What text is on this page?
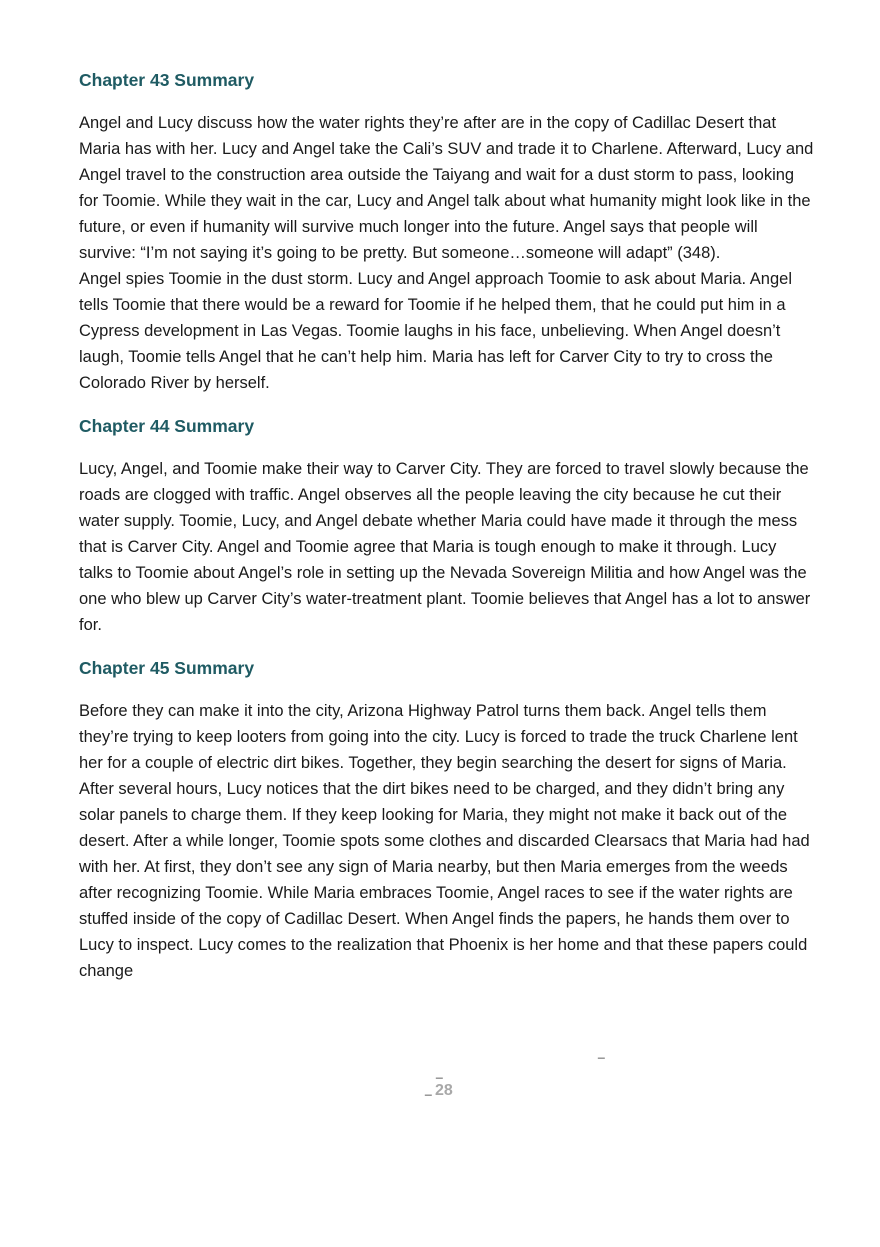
Chapter 43 Summary

Angel and Lucy discuss how the water rights they’re after are in the copy of Cadillac Desert that Maria has with her. Lucy and Angel take the Cali’s SUV and trade it to Charlene. Afterward, Lucy and Angel travel to the construction area outside the Taiyang and wait for a dust storm to pass, looking for Toomie. While they wait in the car, Lucy and Angel talk about what humanity might look like in the future, or even if humanity will survive much longer into the future. Angel says that people will survive: “I’m not saying it’s going to be pretty. But someone…someone will adapt” (348).

Angel spies Toomie in the dust storm. Lucy and Angel approach Toomie to ask about Maria. Angel tells Toomie that there would be a reward for Toomie if he helped them, that he could put him in a Cypress development in Las Vegas. Toomie laughs in his face, unbelieving. When Angel doesn’t laugh, Toomie tells Angel that he can’t help him. Maria has left for Carver City to try to cross the Colorado River by herself.

Chapter 44 Summary

Lucy, Angel, and Toomie make their way to Carver City. They are forced to travel slowly because the roads are clogged with traffic. Angel observes all the people leaving the city because he cut their water supply. Toomie, Lucy, and Angel debate whether Maria could have made it through the mess that is Carver City. Angel and Toomie agree that Maria is tough enough to make it through. Lucy talks to Toomie about Angel’s role in setting up the Nevada Sovereign Militia and how Angel was the one who blew up Carver City’s water-treatment plant. Toomie believes that Angel has a lot to answer for.

Chapter 45 Summary

Before they can make it into the city, Arizona Highway Patrol turns them back. Angel tells them they’re trying to keep looters from going into the city. Lucy is forced to trade the truck Charlene lent her for a couple of electric dirt bikes. Together, they begin searching the desert for signs of Maria. After several hours, Lucy notices that the dirt bikes need to be charged, and they didn’t bring any solar panels to charge them. If they keep looking for Maria, they might not make it back out of the desert. After a while longer, Toomie spots some clothes and discarded Clearsacs that Maria had had with her. At first, they don’t see any sign of Maria nearby, but then Maria emerges from the weeds after recognizing Toomie. While Maria embraces Toomie, Angel races to see if the water rights are stuffed inside of the copy of Cadillac Desert. When Angel finds the papers, he hands them over to Lucy to inspect. Lucy comes to the realization that Phoenix is her home and that these papers could change

_
_
_ 28
